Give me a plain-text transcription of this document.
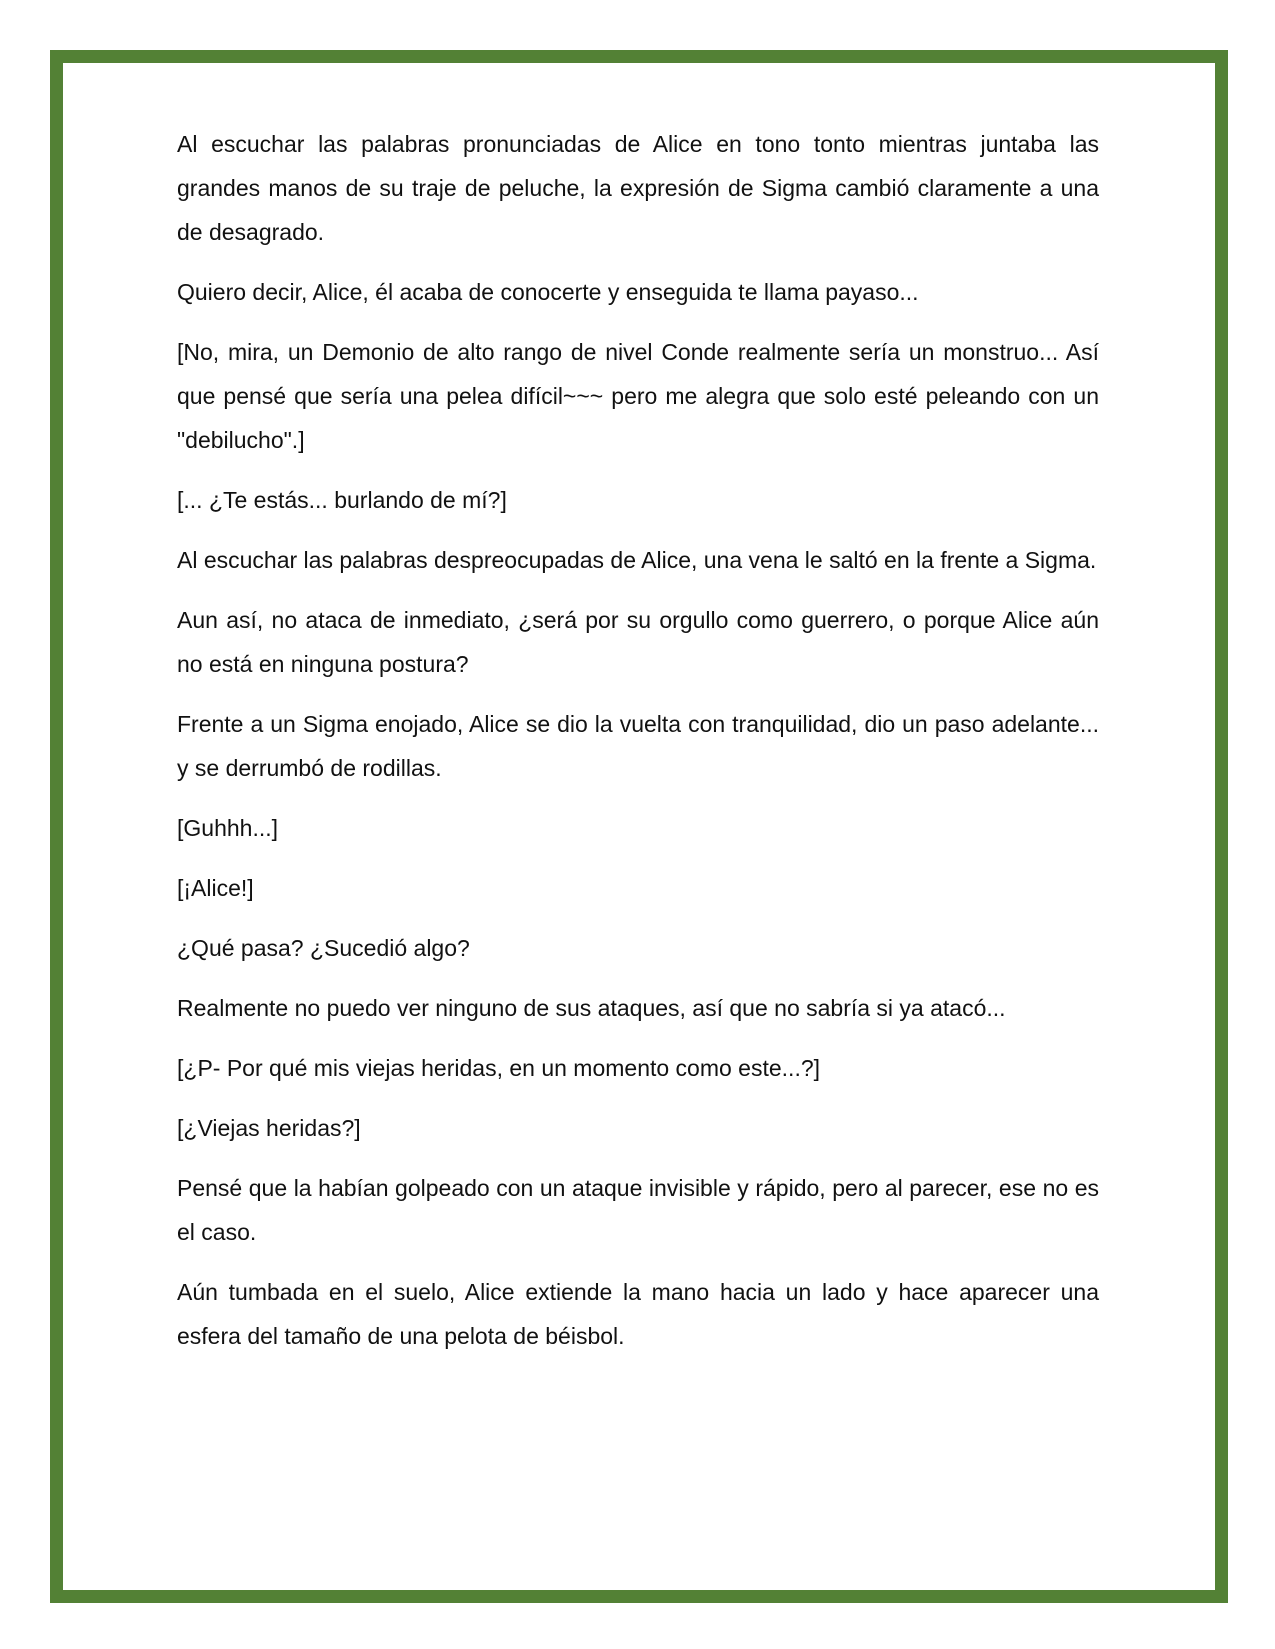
Al escuchar las palabras pronunciadas de Alice en tono tonto mientras juntaba las grandes manos de su traje de peluche, la expresión de Sigma cambió claramente a una de desagrado.

Quiero decir, Alice, él acaba de conocerte y enseguida te llama payaso...

[No, mira, un Demonio de alto rango de nivel Conde realmente sería un monstruo... Así que pensé que sería una pelea difícil~~~ pero me alegra que solo esté peleando con un "debilucho".]

[... ¿Te estás... burlando de mí?]

Al escuchar las palabras despreocupadas de Alice, una vena le saltó en la frente a Sigma.

Aun así, no ataca de inmediato, ¿será por su orgullo como guerrero, o porque Alice aún no está en ninguna postura?

Frente a un Sigma enojado, Alice se dio la vuelta con tranquilidad, dio un paso adelante... y se derrumbó de rodillas.

[Guhhh...]

[¡Alice!]

¿Qué pasa? ¿Sucedió algo?

Realmente no puedo ver ninguno de sus ataques, así que no sabría si ya atacó...

[¿P- Por qué mis viejas heridas, en un momento como este...?]

[¿Viejas heridas?]

Pensé que la habían golpeado con un ataque invisible y rápido, pero al parecer, ese no es el caso.

Aún tumbada en el suelo, Alice extiende la mano hacia un lado y hace aparecer una esfera del tamaño de una pelota de béisbol.
